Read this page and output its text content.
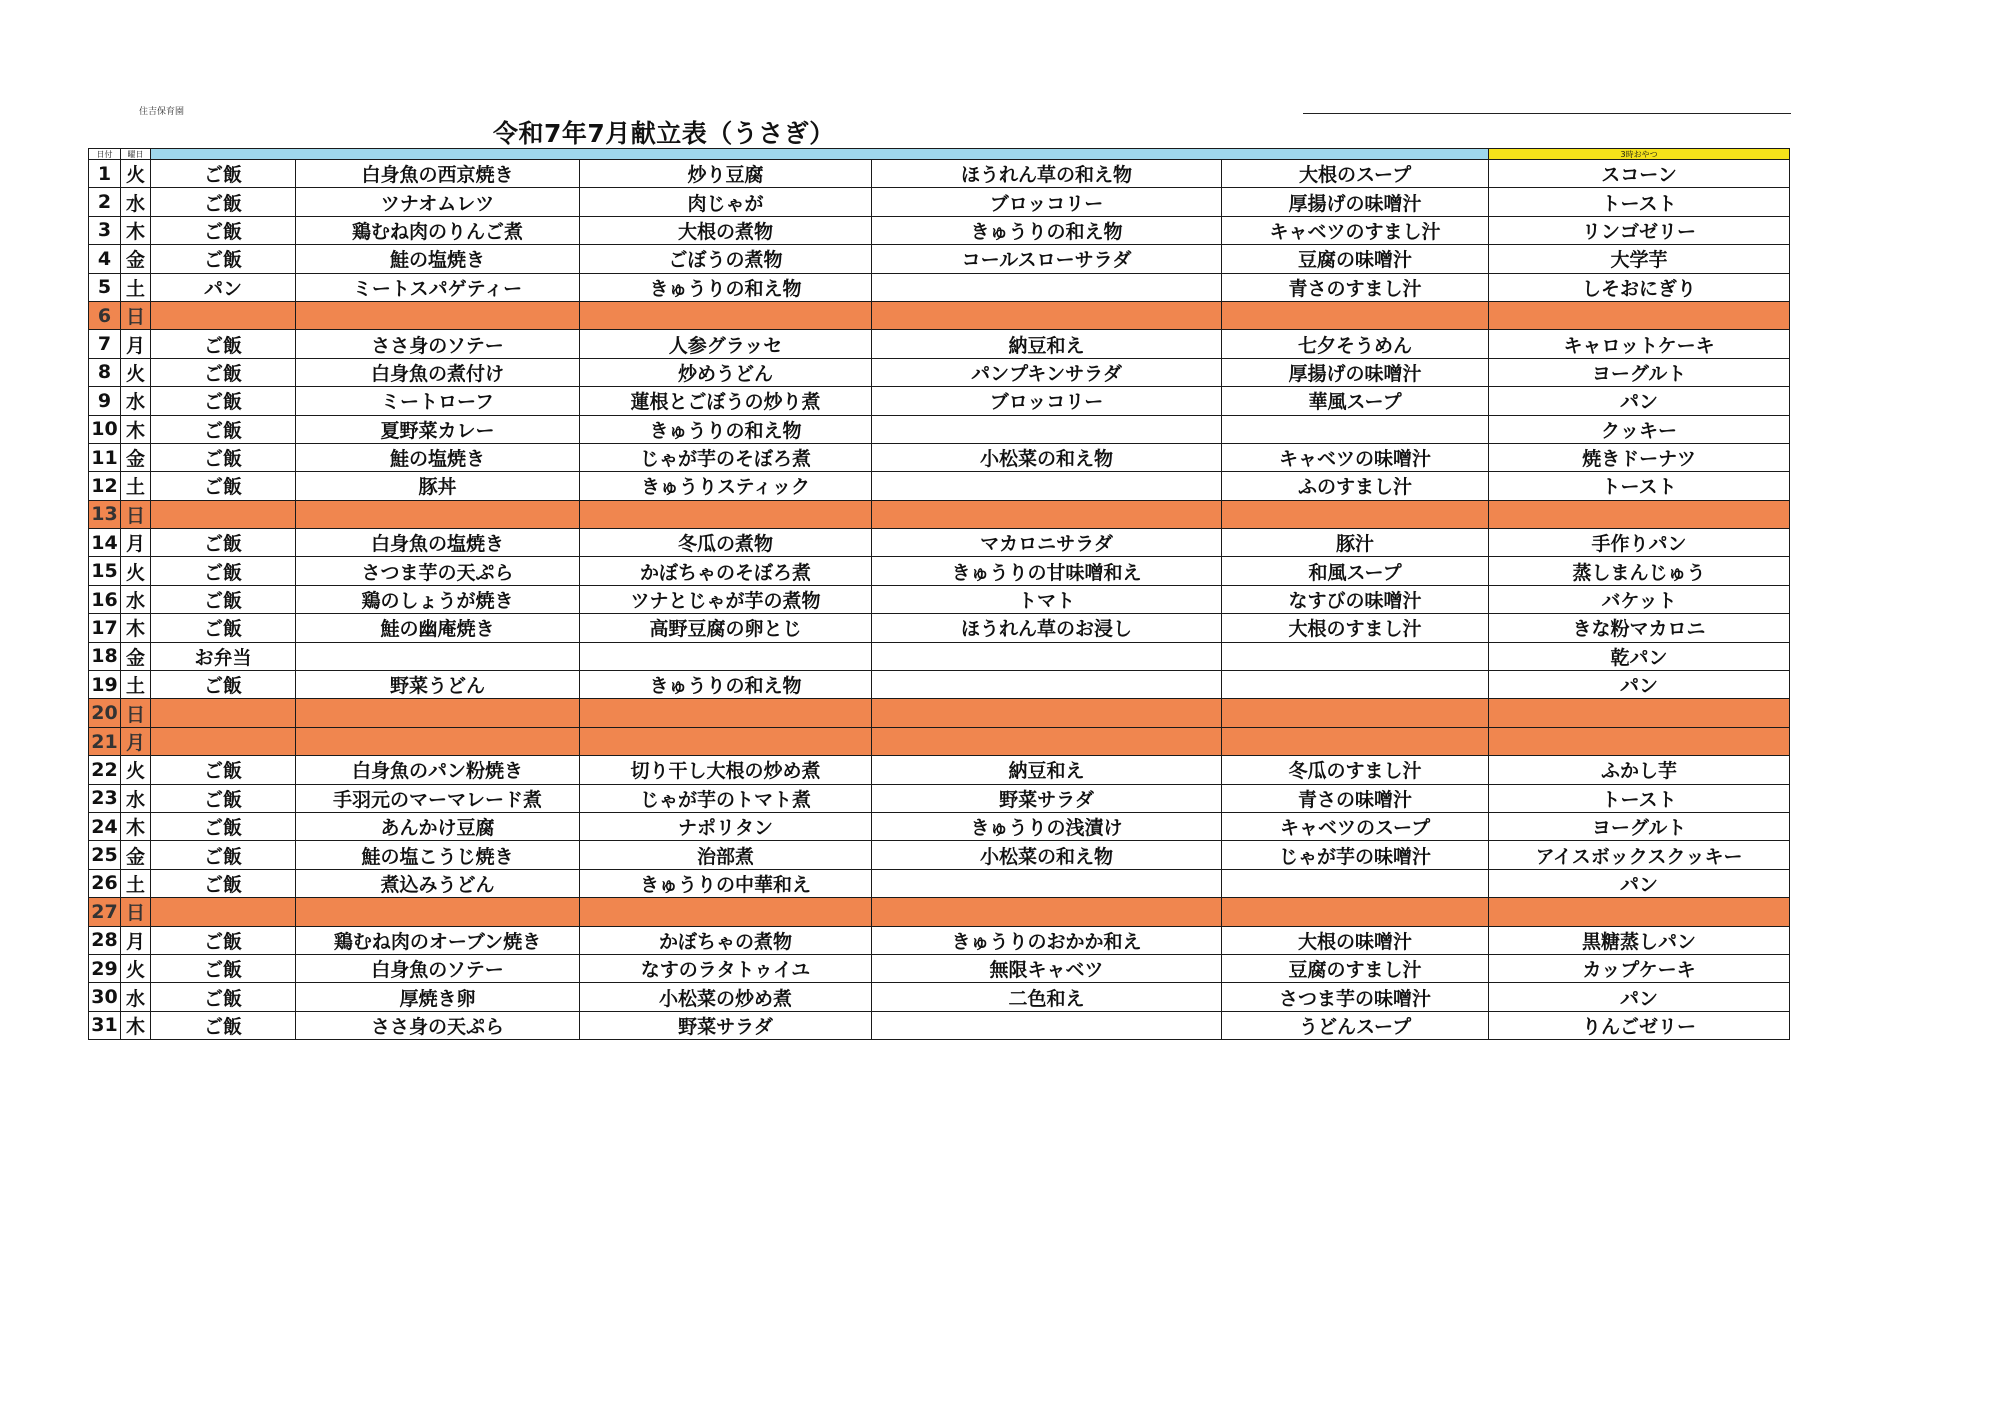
住吉保育園
令和7年7月献立表（うさぎ）
日付	曜日						3時おやつ
1	火	ご飯	白身魚の西京焼き	炒り豆腐	ほうれん草の和え物	大根のスープ	スコーン
2	水	ご飯	ツナオムレツ	肉じゃが	ブロッコリー	厚揚げの味噌汁	トースト
3	木	ご飯	鶏むね肉のりんご煮	大根の煮物	きゅうりの和え物	キャベツのすまし汁	リンゴゼリー
4	金	ご飯	鮭の塩焼き	ごぼうの煮物	コールスローサラダ	豆腐の味噌汁	大学芋
5	土	パン	ミートスパゲティー	きゅうりの和え物		青さのすまし汁	しそおにぎり
6	日						
7	月	ご飯	ささ身のソテー	人参グラッセ	納豆和え	七夕そうめん	キャロットケーキ
8	火	ご飯	白身魚の煮付け	炒めうどん	パンプキンサラダ	厚揚げの味噌汁	ヨーグルト
9	水	ご飯	ミートローフ	蓮根とごぼうの炒り煮	ブロッコリー	華風スープ	パン
10	木	ご飯	夏野菜カレー	きゅうりの和え物			クッキー
11	金	ご飯	鮭の塩焼き	じゃが芋のそぼろ煮	小松菜の和え物	キャベツの味噌汁	焼きドーナツ
12	土	ご飯	豚丼	きゅうりスティック		ふのすまし汁	トースト
13	日						
14	月	ご飯	白身魚の塩焼き	冬瓜の煮物	マカロニサラダ	豚汁	手作りパン
15	火	ご飯	さつま芋の天ぷら	かぼちゃのそぼろ煮	きゅうりの甘味噌和え	和風スープ	蒸しまんじゅう
16	水	ご飯	鶏のしょうが焼き	ツナとじゃが芋の煮物	トマト	なすびの味噌汁	バケット
17	木	ご飯	鮭の幽庵焼き	高野豆腐の卵とじ	ほうれん草のお浸し	大根のすまし汁	きな粉マカロニ
18	金	お弁当					乾パン
19	土	ご飯	野菜うどん	きゅうりの和え物			パン
20	日						
21	月						
22	火	ご飯	白身魚のパン粉焼き	切り干し大根の炒め煮	納豆和え	冬瓜のすまし汁	ふかし芋
23	水	ご飯	手羽元のマーマレード煮	じゃが芋のトマト煮	野菜サラダ	青さの味噌汁	トースト
24	木	ご飯	あんかけ豆腐	ナポリタン	きゅうりの浅漬け	キャベツのスープ	ヨーグルト
25	金	ご飯	鮭の塩こうじ焼き	治部煮	小松菜の和え物	じゃが芋の味噌汁	アイスボックスクッキー
26	土	ご飯	煮込みうどん	きゅうりの中華和え			パン
27	日						
28	月	ご飯	鶏むね肉のオーブン焼き	かぼちゃの煮物	きゅうりのおかか和え	大根の味噌汁	黒糖蒸しパン
29	火	ご飯	白身魚のソテー	なすのラタトゥイユ	無限キャベツ	豆腐のすまし汁	カップケーキ
30	水	ご飯	厚焼き卵	小松菜の炒め煮	二色和え	さつま芋の味噌汁	パン
31	木	ご飯	ささ身の天ぷら	野菜サラダ		うどんスープ	りんごゼリー
